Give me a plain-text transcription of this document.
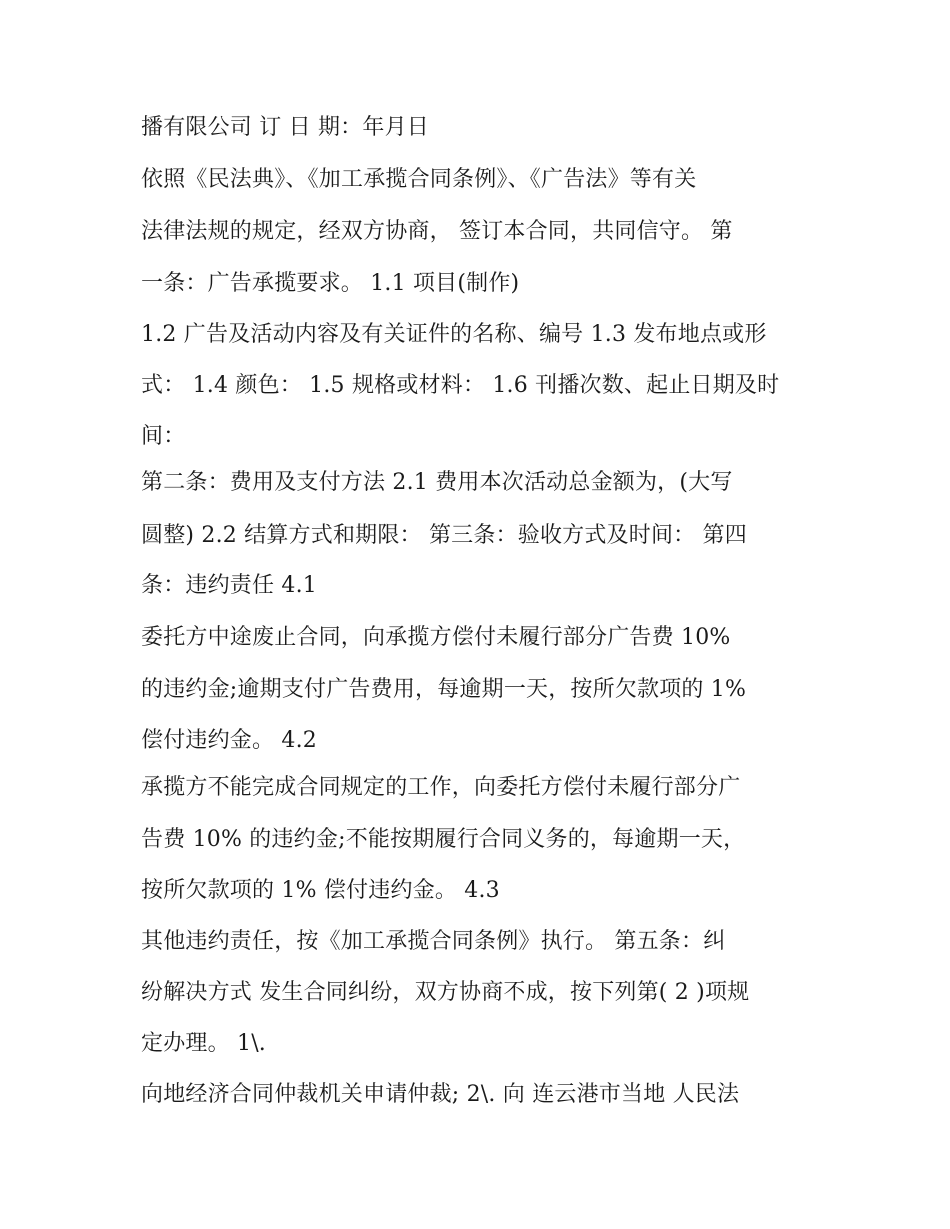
播有限公司 订 日 期：年月日
依照《民法典》、《加工承揽合同条例》、《广告法》等有关
法律法规的规定，经双方协商， 签订本合同，共同信守。 第
一条：广告承揽要求。 1.1 项目(制作)
1.2 广告及活动内容及有关证件的名称、编号 1.3 发布地点或形
式： 1.4 颜色： 1.5 规格或材料： 1.6 刊播次数、起止日期及时
间：
第二条：费用及支付方法 2.1 费用本次活动总金额为，(大写
圆整) 2.2 结算方式和期限： 第三条：验收方式及时间： 第四
条：违约责任 4.1
委托方中途废止合同，向承揽方偿付未履行部分广告费 10%
的违约金;逾期支付广告费用，每逾期一天，按所欠款项的 1%
偿付违约金。 4.2
承揽方不能完成合同规定的工作，向委托方偿付未履行部分广
告费 10% 的违约金;不能按期履行合同义务的，每逾期一天，
按所欠款项的 1% 偿付违约金。 4.3
其他违约责任，按《加工承揽合同条例》执行。 第五条：纠
纷解决方式 发生合同纠纷，双方协商不成，按下列第( 2 )项规
定办理。 1\.
向地经济合同仲裁机关申请仲裁; 2\. 向 连云港市当地 人民法
